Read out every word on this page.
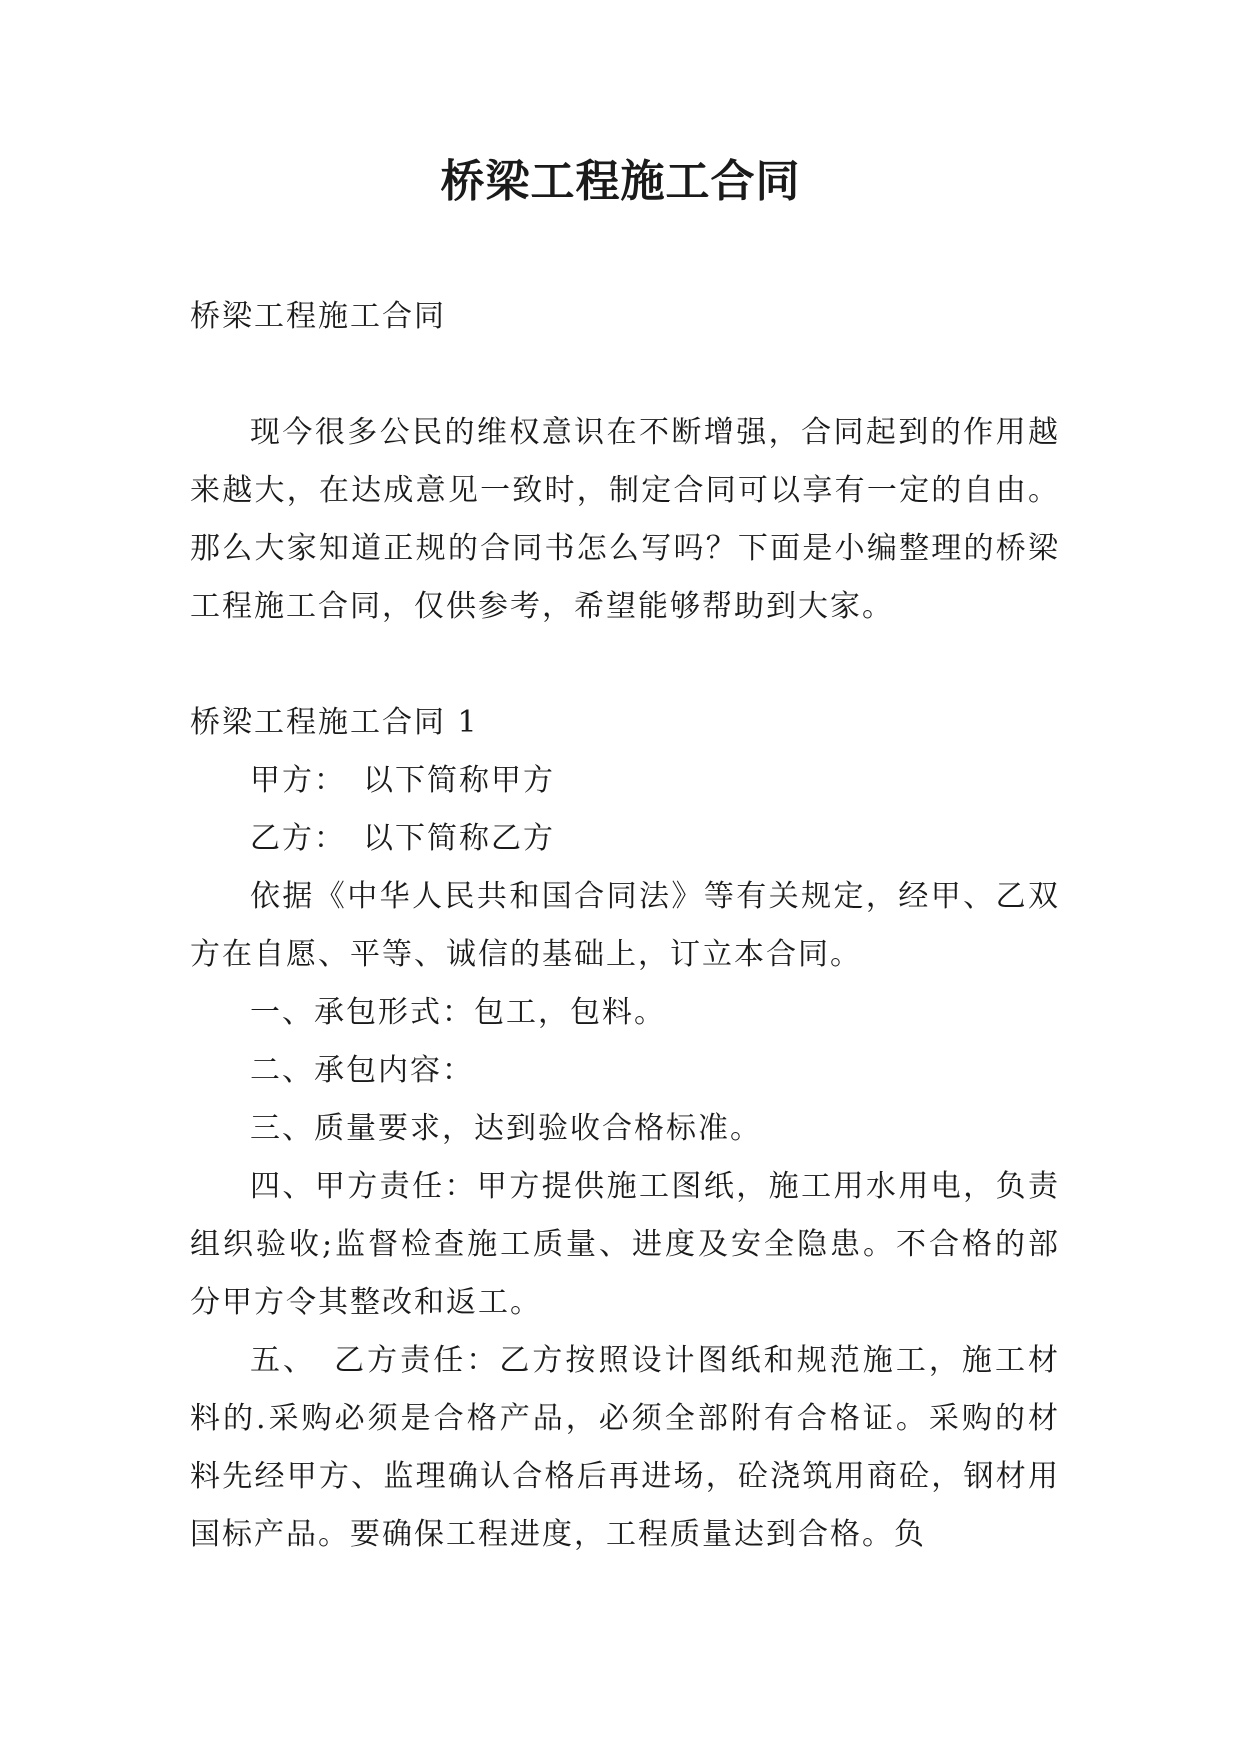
桥梁工程施工合同

桥梁工程施工合同

现今很多公民的维权意识在不断增强，合同起到的作用越来越大，在达成意见一致时，制定合同可以享有一定的自由。那么大家知道正规的合同书怎么写吗？下面是小编整理的桥梁工程施工合同，仅供参考，希望能够帮助到大家。

桥梁工程施工合同 1

甲方：　以下简称甲方

乙方：　以下简称乙方

依据《中华人民共和国合同法》等有关规定，经甲、乙双方在自愿、平等、诚信的基础上，订立本合同。

一、承包形式：包工，包料。

二、承包内容：

三、质量要求，达到验收合格标准。

四、甲方责任：甲方提供施工图纸，施工用水用电，负责组织验收;监督检查施工质量、进度及安全隐患。不合格的部分甲方令其整改和返工。

五、　乙方责任：乙方按照设计图纸和规范施工，施工材料的.采购必须是合格产品，必须全部附有合格证。采购的材料先经甲方、监理确认合格后再进场，砼浇筑用商砼，钢材用国标产品。要确保工程进度，工程质量达到合格。负
